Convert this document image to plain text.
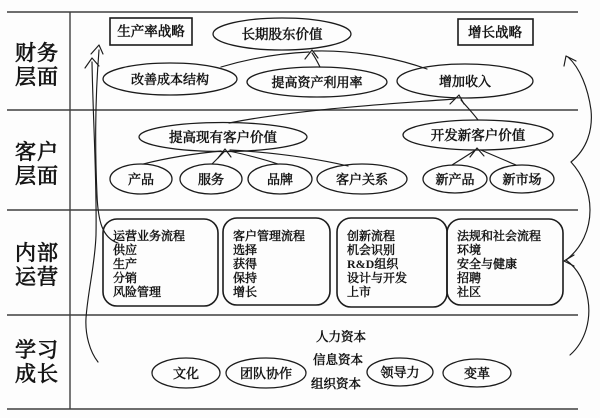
财务
层面
客户
层面
内部
运营
学习
成长
生产率战略	增长战略
长期股东价值
改善成本结构	提高资产利用率	增加收入
提高现有客户价值	开发新客户价值
产品	服务	品牌	客户关系	新产品 新市场
运营业务流程
供应
生产
分销
风险管理
客户管理流程
选择
获得
保持
增长
创新流程
机会识别
R&D组织
设计与开发
上市
法规和社会流程
环境
安全与健康
招聘
社区
文化	团队协作
人力资本
信息资本
组织资本
领导力	变革
